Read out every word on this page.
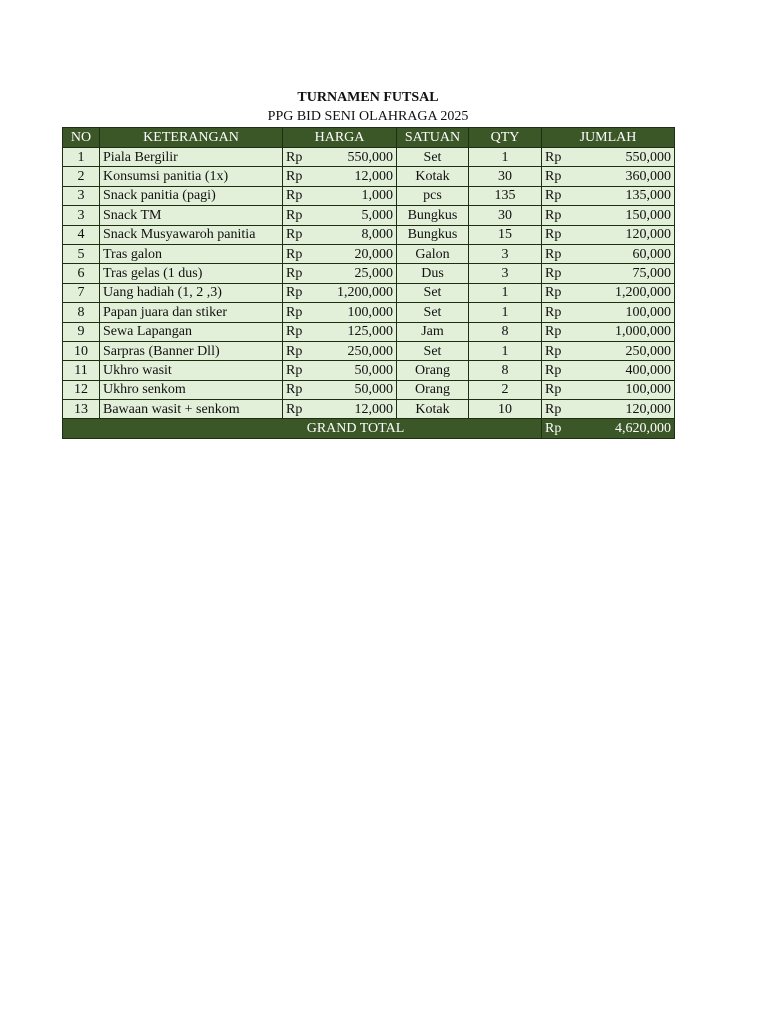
TURNAMEN FUTSAL
PPG BID SENI OLAHRAGA 2025
NO	KETERANGAN	HARGA		SATUAN	QTY	JUMLAH	
1	Piala Bergilir	Rp	550,000	Set	1	Rp	550,000
2	Konsumsi panitia (1x)	Rp	12,000	Kotak	30	Rp	360,000
3	Snack panitia (pagi)	Rp	1,000	pcs	135	Rp	135,000
3	Snack TM	Rp	5,000	Bungkus	30	Rp	150,000
4	Snack Musyawaroh panitia	Rp	8,000	Bungkus	15	Rp	120,000
5	Tras galon	Rp	20,000	Galon	3	Rp	60,000
6	Tras gelas (1 dus)	Rp	25,000	Dus	3	Rp	75,000
7	Uang hadiah (1, 2 ,3)	Rp	1,200,000	Set	1	Rp	1,200,000
8	Papan juara dan stiker	Rp	100,000	Set	1	Rp	100,000
9	Sewa Lapangan	Rp	125,000	Jam	8	Rp	1,000,000
10	Sarpras (Banner Dll)	Rp	250,000	Set	1	Rp	250,000
11	Ukhro wasit	Rp	50,000	Orang	8	Rp	400,000
12	Ukhro senkom	Rp	50,000	Orang	2	Rp	100,000
13	Bawaan wasit + senkom	Rp	12,000	Kotak	10	Rp	120,000
GRAND TOTAL						Rp	4,620,000
